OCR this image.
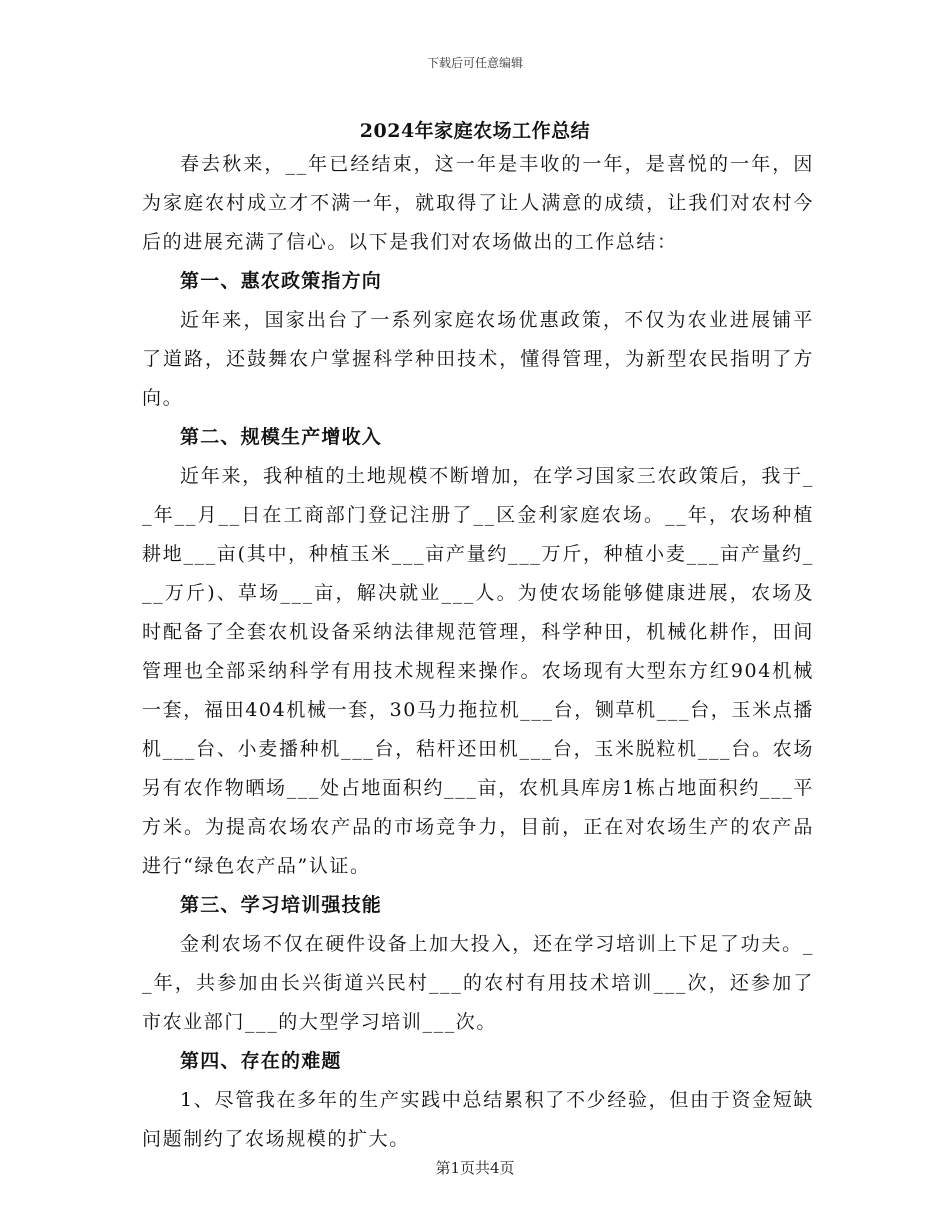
下载后可任意编辑
2024年家庭农场工作总结

春去秋来，__年已经结束，这一年是丰收的一年，是喜悦的一年，因为家庭农村成立才不满一年，就取得了让人满意的成绩，让我们对农村今后的进展充满了信心。以下是我们对农场做出的工作总结：

第一、惠农政策指方向

近年来，国家出台了一系列家庭农场优惠政策，不仅为农业进展铺平了道路，还鼓舞农户掌握科学种田技术，懂得管理，为新型农民指明了方向。

第二、规模生产增收入

近年来，我种植的土地规模不断增加，在学习国家三农政策后，我于__年__月__日在工商部门登记注册了__区金利家庭农场。__年，农场种植耕地___亩(其中，种植玉米___亩产量约___万斤，种植小麦___亩产量约___万斤)、草场___亩，解决就业___人。为使农场能够健康进展，农场及时配备了全套农机设备采纳法律规范管理，科学种田，机械化耕作，田间管理也全部采纳科学有用技术规程来操作。农场现有大型东方红904机械一套，福田404机械一套，30马力拖拉机___台，铡草机___台，玉米点播机___台、小麦播种机___台，秸杆还田机___台，玉米脱粒机___台。农场另有农作物晒场___处占地面积约___亩，农机具库房1栋占地面积约___平方米。为提高农场农产品的市场竞争力，目前，正在对农场生产的农产品进行“绿色农产品”认证。

第三、学习培训强技能

金利农场不仅在硬件设备上加大投入，还在学习培训上下足了功夫。__年，共参加由长兴街道兴民村___的农村有用技术培训___次，还参加了市农业部门___的大型学习培训___次。

第四、存在的难题

1、尽管我在多年的生产实践中总结累积了不少经验，但由于资金短缺问题制约了农场规模的扩大。

第1页共4页
